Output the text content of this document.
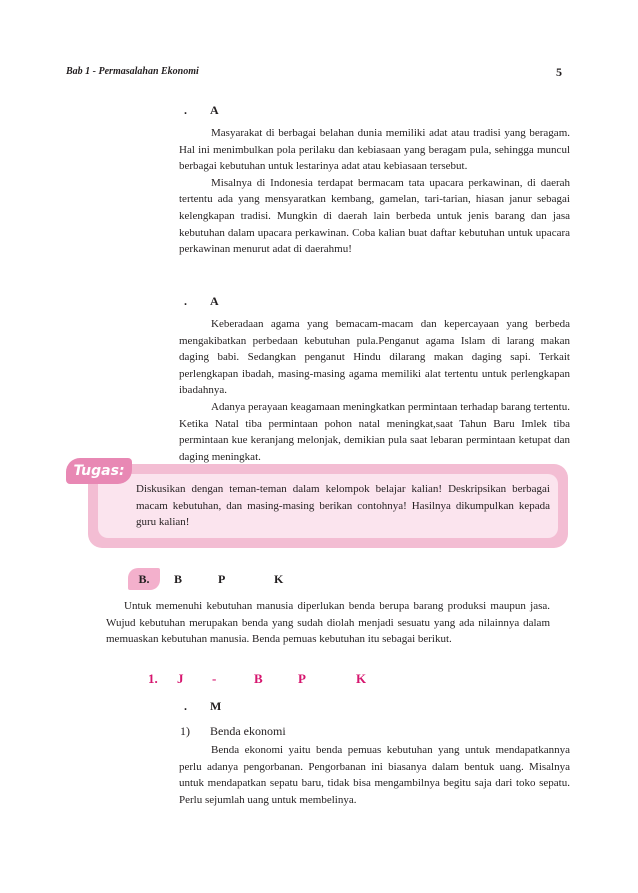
Bab 1 - Permasalahan Ekonomi	5
. A

Masyarakat di berbagai belahan dunia memiliki adat atau tradisi yang beragam. Hal ini menimbulkan pola perilaku dan kebiasaan yang beragam pula, sehingga muncul berbagai kebutuhan untuk lestarinya adat atau kebiasaan tersebut.

Misalnya di Indonesia terdapat bermacam tata upacara perkawinan, di daerah tertentu ada yang mensyaratkan kembang, gamelan, tari-tarian, hiasan janur sebagai kelengkapan tradisi. Mungkin di daerah lain berbeda untuk jenis barang dan jasa kebutuhan dalam upacara perkawinan. Coba kalian buat daftar kebutuhan untuk upacara perkawinan menurut adat di daerahmu!

. A

Keberadaan agama yang bemacam-macam dan kepercayaan yang berbeda mengakibatkan perbedaan kebutuhan pula.Penganut agama Islam di larang makan daging babi. Sedangkan penganut Hindu dilarang makan daging sapi. Terkait perlengkapan ibadah, masing-masing agama memiliki alat tertentu untuk perlengkapan ibadahnya.

Adanya perayaan keagamaan meningkatkan permintaan terhadap barang tertentu. Ketika Natal tiba permintaan pohon natal meningkat,saat Tahun Baru Imlek tiba permintaan kue keranjang melonjak, demikian pula saat lebaran permintaan ketupat dan daging meningkat.

Tugas:

Diskusikan dengan teman-teman dalam kelompok belajar kalian! Deskripsikan berbagai macam kebutuhan, dan masing-masing berikan contohnya! Hasilnya dikumpulkan kepada guru kalian!

B.	B	P	K

Untuk memenuhi kebutuhan manusia diperlukan benda berupa barang produksi maupun jasa. Wujud kebutuhan merupakan benda yang sudah diolah menjadi sesuatu yang ada nilainnya dalam memuaskan kebutuhan manusia. Benda pemuas kebutuhan itu sebagai berikut.

1. J -	B	P	K
. M
1) Benda ekonomi

Benda ekonomi yaitu benda pemuas kebutuhan yang untuk mendapatkannya perlu adanya pengorbanan. Pengorbanan ini biasanya dalam bentuk uang. Misalnya untuk mendapatkan sepatu baru, tidak bisa mengambilnya begitu saja dari toko sepatu. Perlu sejumlah uang untuk membelinya.
